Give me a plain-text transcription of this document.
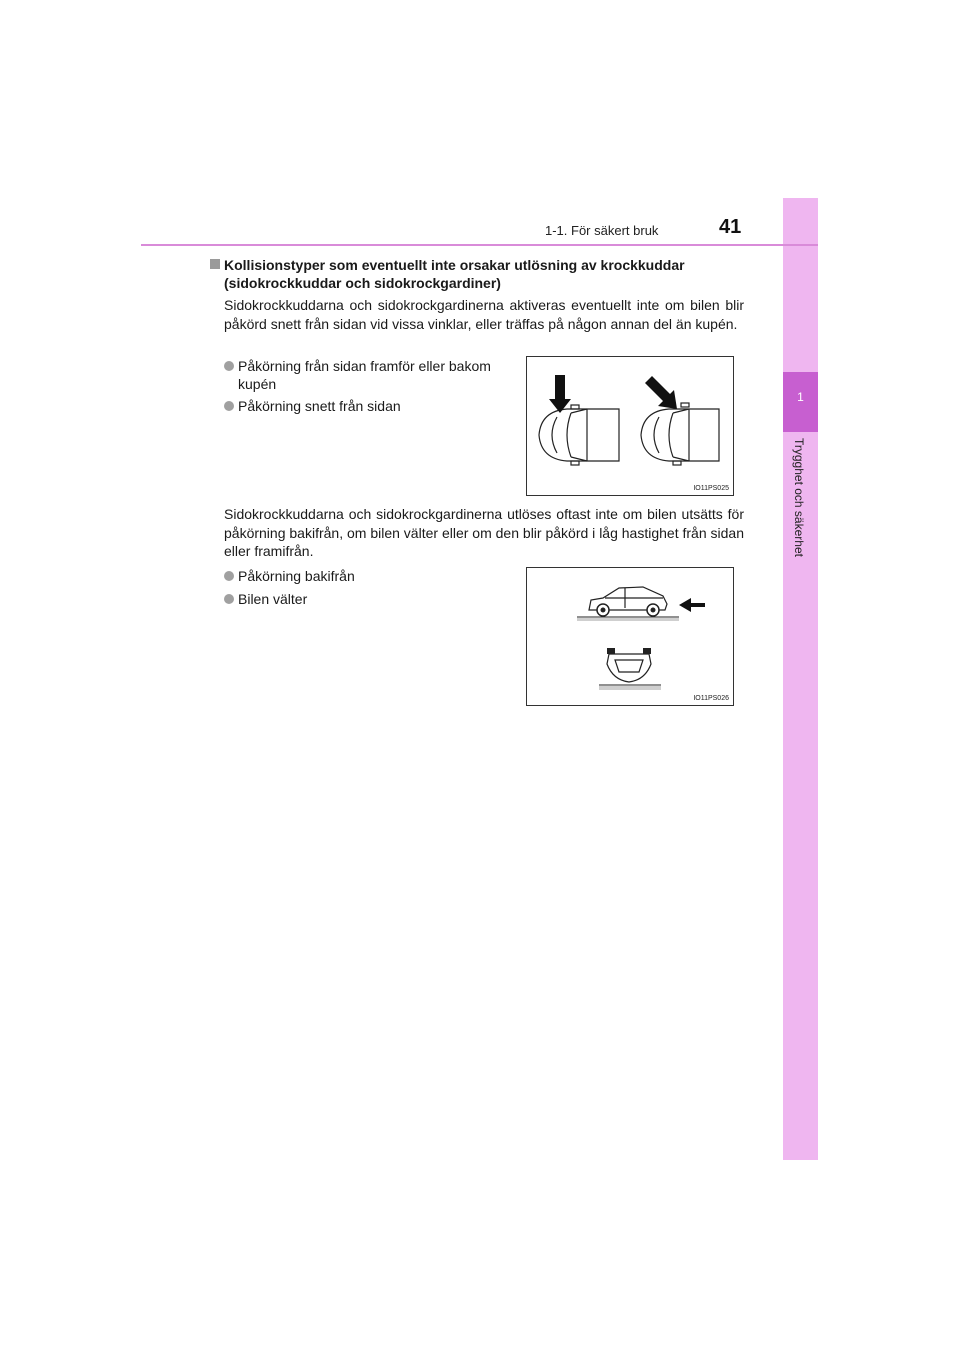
1
Trygghet och säkerhet
1-1. För säkert bruk	41
Kollisionstyper som eventuellt inte orsakar utlösning av krockkuddar (sidokrockkuddar och sidokrockgardiner)
Sidokrockkuddarna och sidokrockgardinerna aktiveras eventuellt inte om bilen blir påkörd snett från sidan vid vissa vinklar, eller träffas på någon annan del än kupén.
Påkörning från sidan framför eller bakom kupén
Påkörning snett från sidan
IO11PS025
Sidokrockkuddarna och sidokrockgardinerna utlöses oftast inte om bilen utsätts för påkörning bakifrån, om bilen välter eller om den blir påkörd i låg hastighet från sidan eller framifrån.
Påkörning bakifrån
Bilen välter
IO11PS026
